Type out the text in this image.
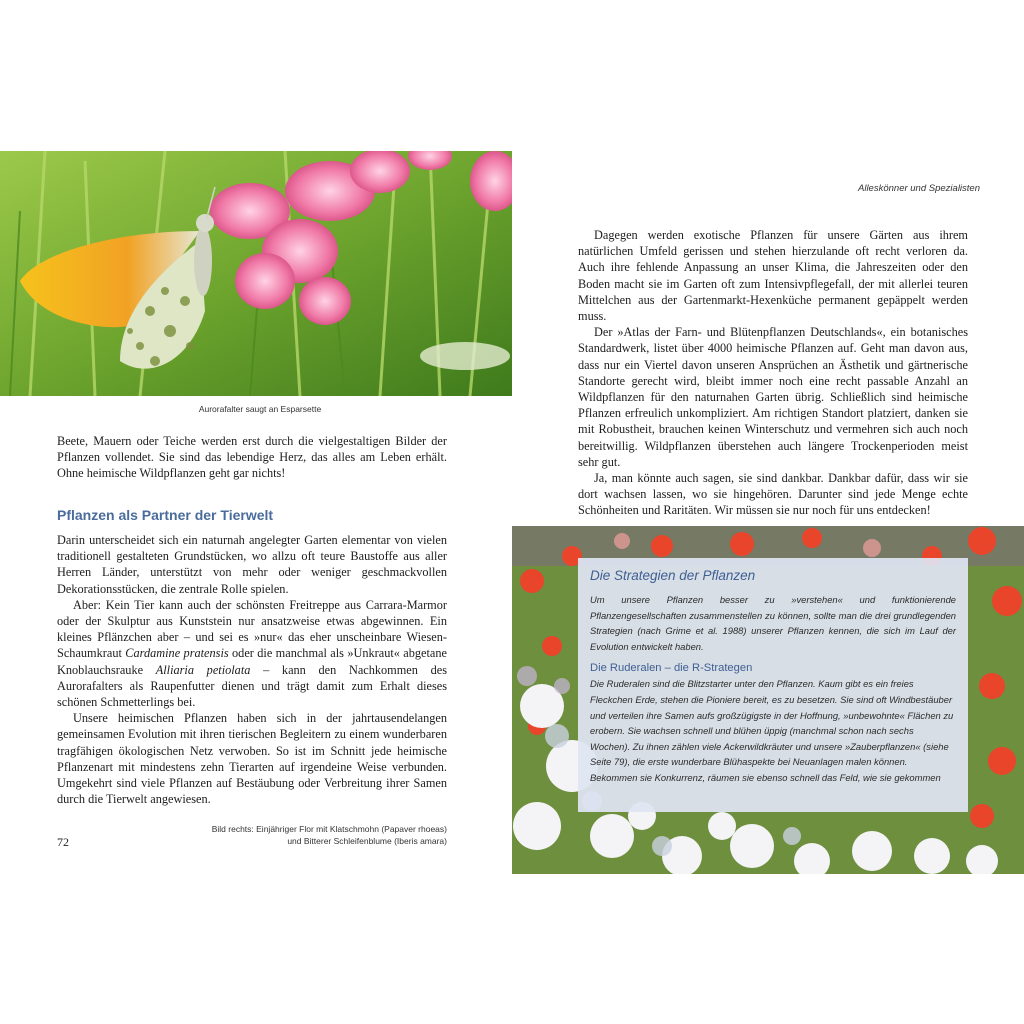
Aurorafalter saugt an Esparsette

Beete, Mauern oder Teiche werden erst durch die vielgestaltigen Bilder der Pflanzen vollendet. Sie sind das lebendige Herz, das alles am Leben erhält. Ohne heimische Wildpflanzen geht gar nichts!

Pflanzen als Partner der Tierwelt

Darin unterscheidet sich ein naturnah angelegter Garten elementar von vielen traditionell gestalteten Grundstücken, wo allzu oft teure Baustoffe aus aller Herren Länder, unterstützt von mehr oder weniger geschmackvollen Dekorationsstücken, die zentrale Rolle spielen.

Aber: Kein Tier kann auch der schönsten Freitreppe aus Carrara-Marmor oder der Skulptur aus Kunststein nur ansatzweise etwas abgewinnen. Ein kleines Pflänzchen aber – und sei es »nur« das eher unscheinbare Wiesen-Schaumkraut Cardamine pratensis oder die manchmal als »Unkraut« abgetane Knoblauchsrauke Alliaria petiolata – kann den Nachkommen des Aurorafalters als Raupenfutter dienen und trägt damit zum Erhalt dieses schönen Schmetterlings bei.

Unsere heimischen Pflanzen haben sich in der jahrtausendelangen gemeinsamen Evolution mit ihren tierischen Begleitern zu einem wunderbaren tragfähigen ökologischen Netz verwoben. So ist im Schnitt jede heimische Pflanzenart mit mindestens zehn Tierarten auf irgendeine Weise verbunden. Umgekehrt sind viele Pflanzen auf Bestäubung oder Verbreitung ihrer Samen durch die Tierwelt angewiesen.

Bild rechts: Einjähriger Flor mit Klatschmohn (Papaver rhoeas)
und Bitterer Schleifenblume (Iberis amara)
72
Alleskönner und Spezialisten

Dagegen werden exotische Pflanzen für unsere Gärten aus ihrem natürlichen Umfeld gerissen und stehen hierzulande oft recht verloren da. Auch ihre fehlende Anpassung an unser Klima, die Jahreszeiten oder den Boden macht sie im Garten oft zum Intensivpflegefall, der mit allerlei teuren Mittelchen aus der Gartenmarkt-Hexenküche permanent gepäppelt werden muss.

Der »Atlas der Farn- und Blütenpflanzen Deutschlands«, ein botanisches Standardwerk, listet über 4000 heimische Pflanzen auf. Geht man davon aus, dass nur ein Viertel davon unseren Ansprüchen an Ästhetik und gärtnerische Standorte gerecht wird, bleibt immer noch eine recht passable Anzahl an Wildpflanzen für den naturnahen Garten übrig. Schließlich sind heimische Pflanzen erfreulich unkompliziert. Am richtigen Standort platziert, danken sie mit Robustheit, brauchen keinen Winterschutz und vermehren sich auch noch bereitwillig. Wildpflanzen überstehen auch längere Trockenperioden meist sehr gut.

Ja, man könnte auch sagen, sie sind dankbar. Dankbar dafür, dass wir sie dort wachsen lassen, wo sie hingehören. Darunter sind jede Menge echte Schönheiten und Raritäten. Wir müssen sie nur noch für uns entdecken!

Die Strategien der Pflanzen

Um unsere Pflanzen besser zu »verstehen« und funktionierende Pflanzengesellschaften zusammenstellen zu können, sollte man die drei grundlegenden Strategien (nach Grime et al. 1988) unserer Pflanzen kennen, die sich im Lauf der Evolution entwickelt haben.

Die Ruderalen – die R-Strategen

Die Ruderalen sind die Blitzstarter unter den Pflanzen. Kaum gibt es ein freies Fleckchen Erde, stehen die Pioniere bereit, es zu besetzen. Sie sind oft Windbestäuber und verteilen ihre Samen aufs großzügigste in der Hoffnung, »unbewohnte« Flächen zu erobern. Sie wachsen schnell und blühen üppig (manchmal schon nach sechs Wochen). Zu ihnen zählen viele Ackerwildkräuter und unsere »Zauberpflanzen« (siehe Seite 79), die erste wunderbare Blühaspekte bei Neuanlagen malen können. Bekommen sie Konkurrenz, räumen sie ebenso schnell das Feld, wie sie gekommen
